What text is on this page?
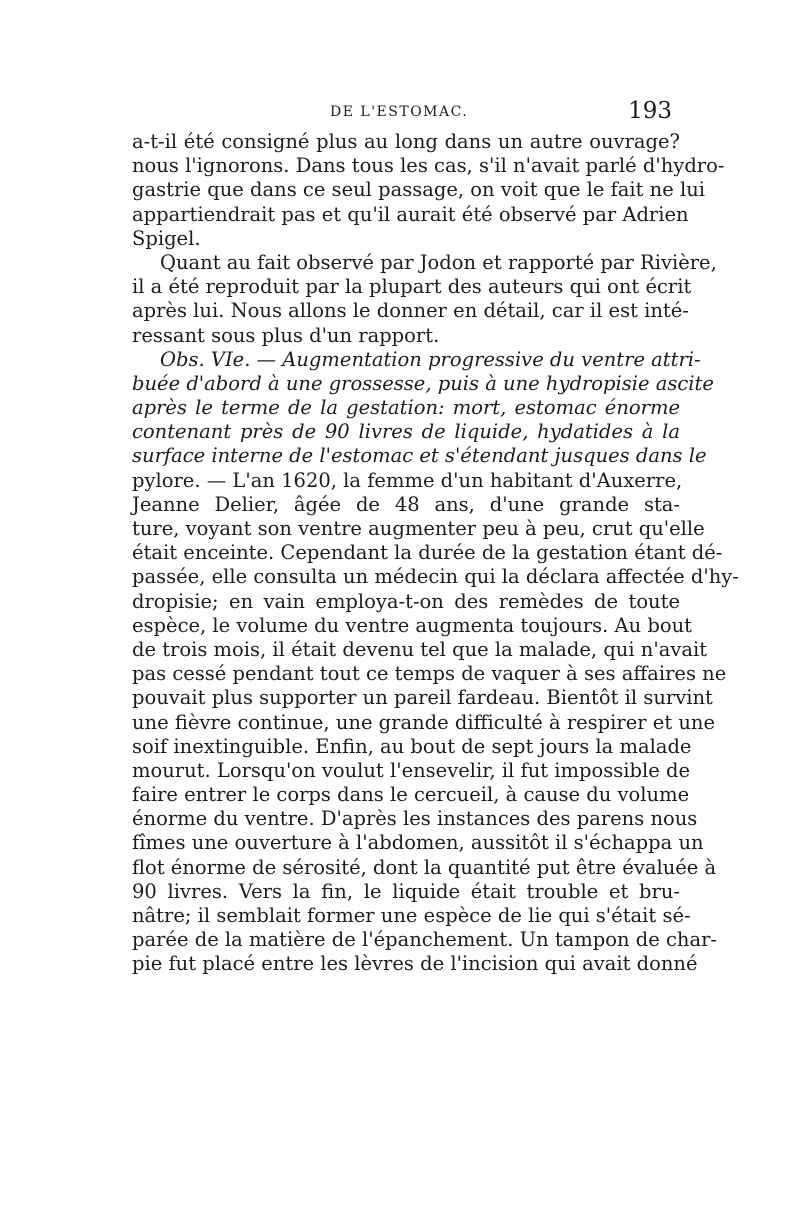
DE L'ESTOMAC.	193
a-t-il été consigné plus au long dans un autre ouvrage?
nous l'ignorons. Dans tous les cas, s'il n'avait parlé d'hydro-
gastrie que dans ce seul passage, on voit que le fait ne lui
appartiendrait pas et qu'il aurait été observé par Adrien
Spigel.
Quant au fait observé par Jodon et rapporté par Rivière,
il a été reproduit par la plupart des auteurs qui ont écrit
après lui. Nous allons le donner en détail, car il est inté-
ressant sous plus d'un rapport.
Obs. VIe. — Augmentation progressive du ventre attri-
buée d'abord à une grossesse, puis à une hydropisie ascite
après le terme de la gestation: mort, estomac énorme
contenant près de 90 livres de liquide, hydatides à la
surface interne de l'estomac et s'étendant jusques dans le
pylore. — L'an 1620, la femme d'un habitant d'Auxerre,
Jeanne Delier, âgée de 48 ans, d'une grande sta-
ture, voyant son ventre augmenter peu à peu, crut qu'elle
était enceinte. Cependant la durée de la gestation étant dé-
passée, elle consulta un médecin qui la déclara affectée d'hy-
dropisie; en vain employa-t-on des remèdes de toute
espèce, le volume du ventre augmenta toujours. Au bout
de trois mois, il était devenu tel que la malade, qui n'avait
pas cessé pendant tout ce temps de vaquer à ses affaires ne
pouvait plus supporter un pareil fardeau. Bientôt il survint
une fièvre continue, une grande difficulté à respirer et une
soif inextinguible. Enfin, au bout de sept jours la malade
mourut. Lorsqu'on voulut l'ensevelir, il fut impossible de
faire entrer le corps dans le cercueil, à cause du volume
énorme du ventre. D'après les instances des parens nous
fîmes une ouverture à l'abdomen, aussitôt il s'échappa un
flot énorme de sérosité, dont la quantité put être évaluée à
90 livres. Vers la fin, le liquide était trouble et bru-
nâtre; il semblait former une espèce de lie qui s'était sé-
parée de la matière de l'épanchement. Un tampon de char-
pie fut placé entre les lèvres de l'incision qui avait donné
